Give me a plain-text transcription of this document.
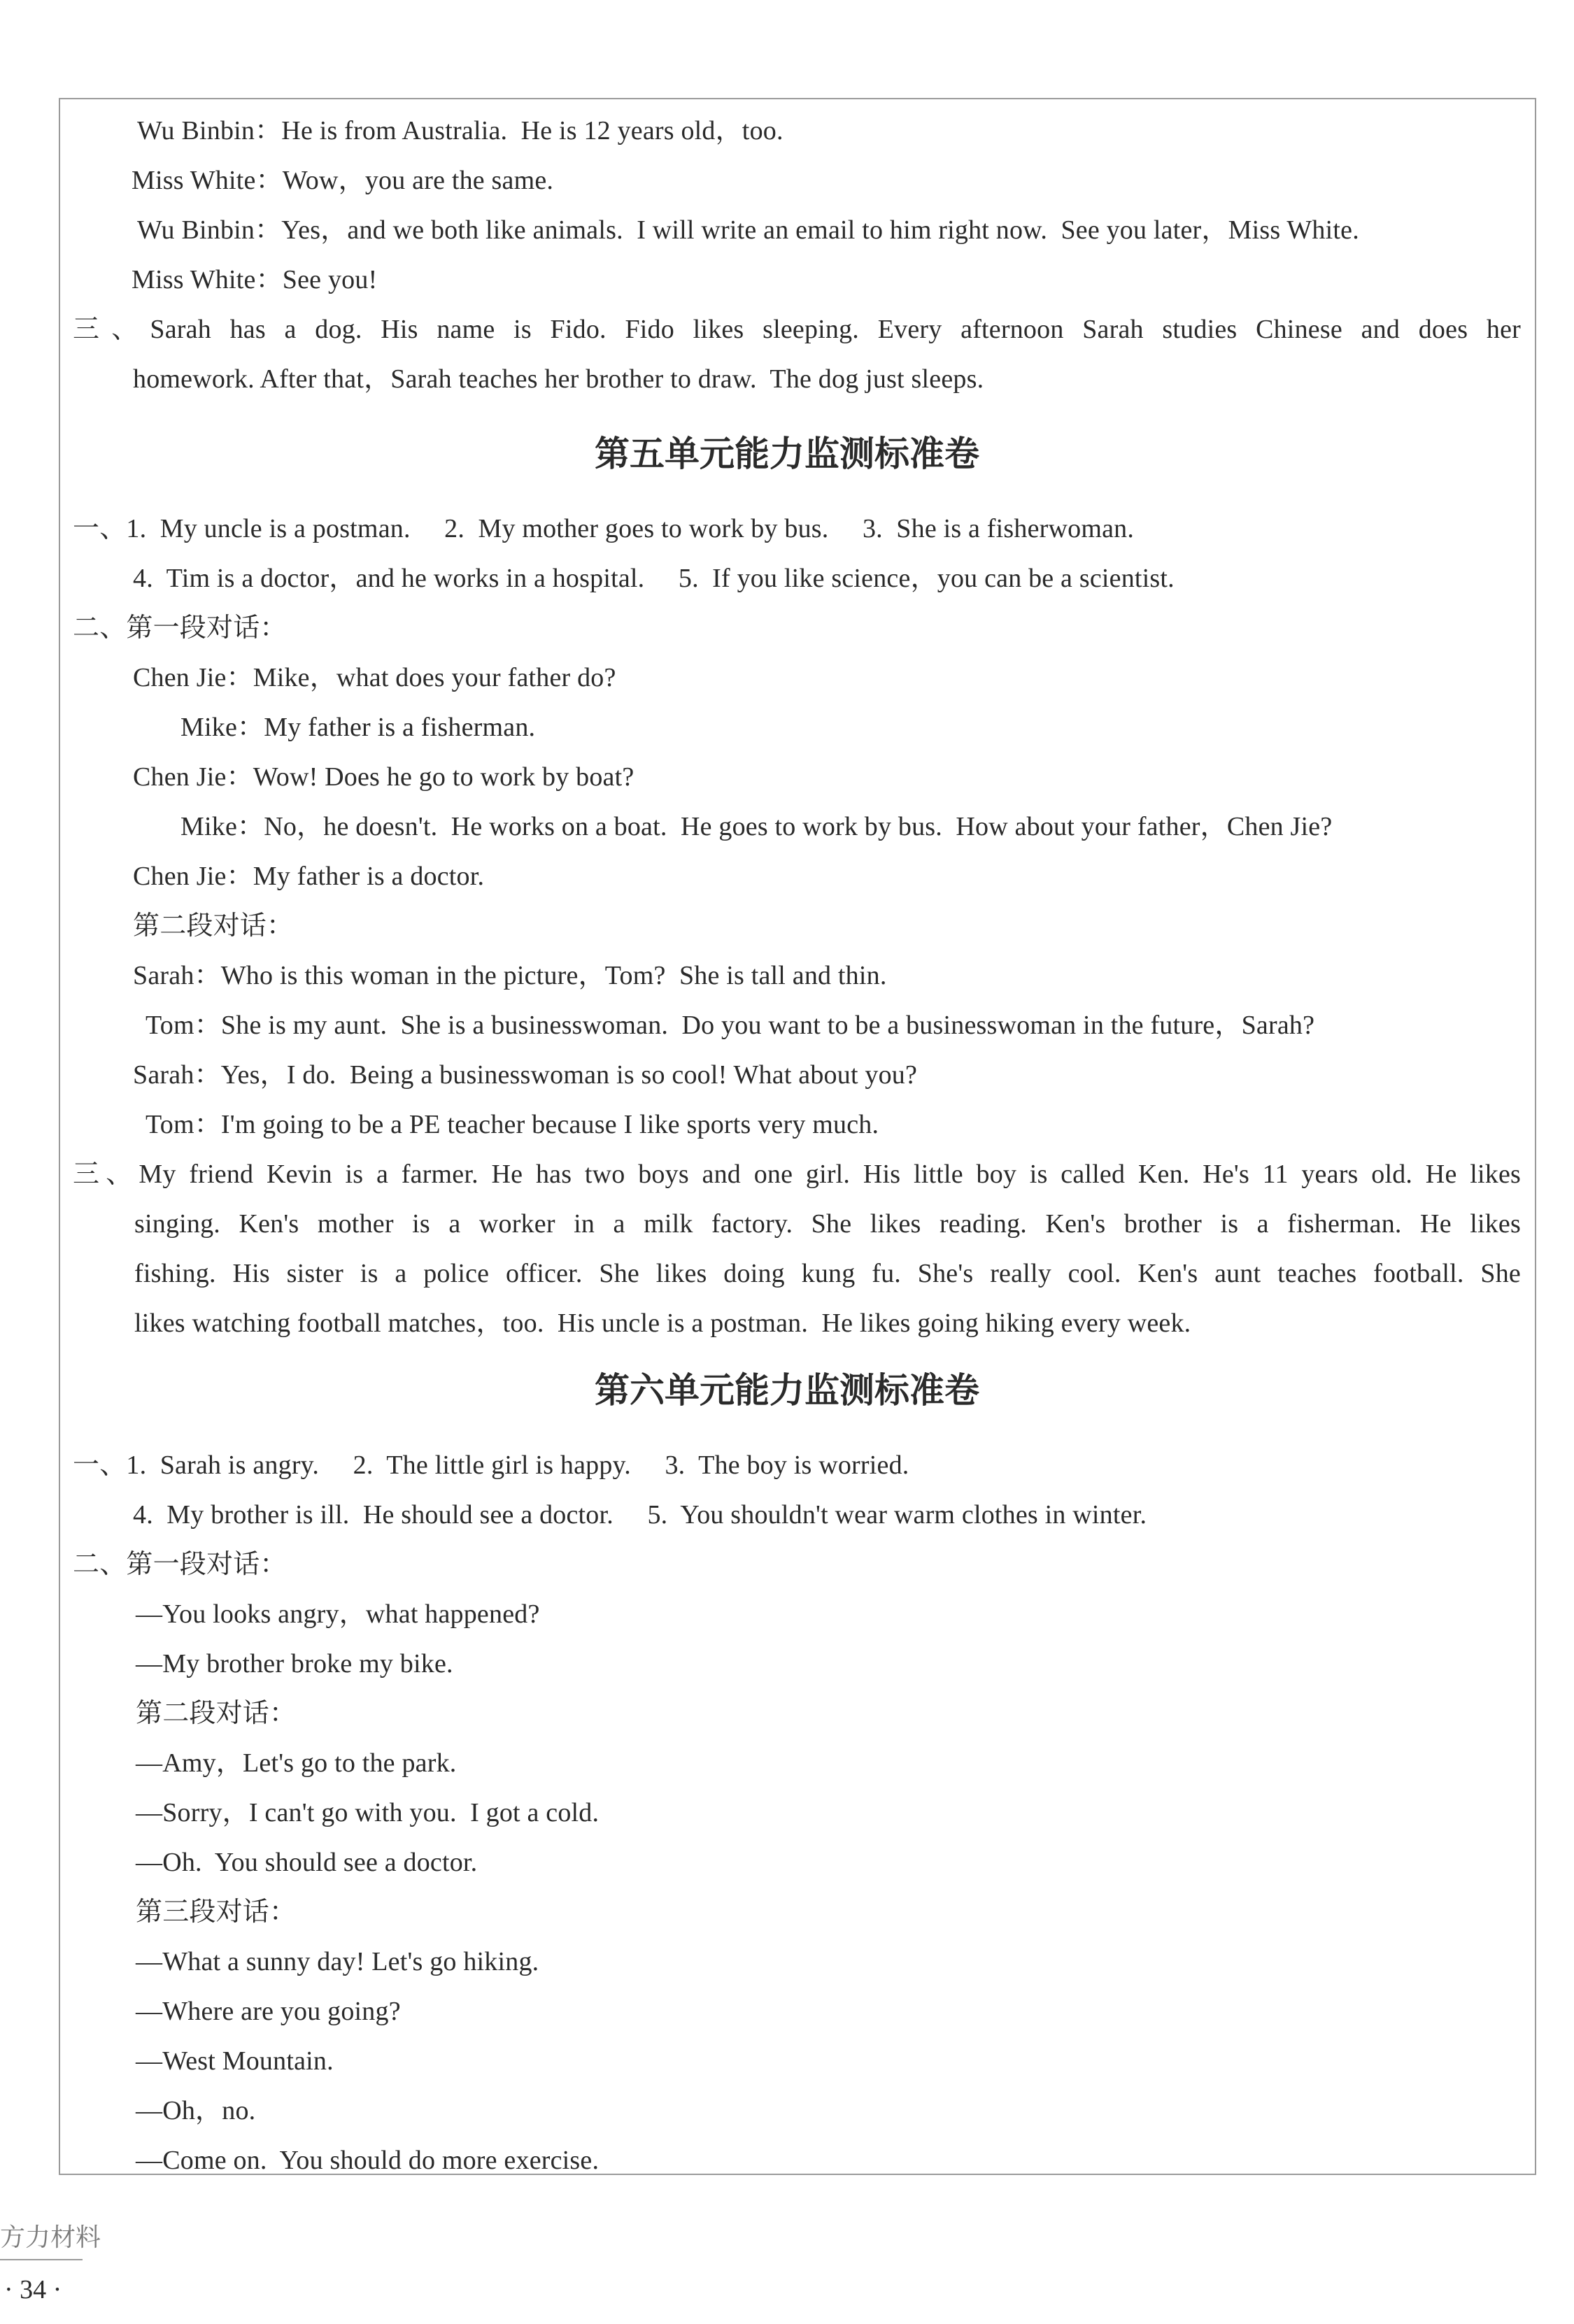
Wu Binbin：He is from Australia.  He is 12 years old，too.
Miss White：Wow，you are the same.
Wu Binbin：Yes，and we both like animals.  I will write an email to him right now.  See you later，Miss White.
Miss White：See you!
三、Sarah has a dog. His name is Fido. Fido likes sleeping. Every afternoon Sarah studies Chinese and does her
homework. After that，Sarah teaches her brother to draw.  The dog just sleeps.
第五单元能力监测标准卷
一、1.  My uncle is a postman.     2.  My mother goes to work by bus.     3.  She is a fisherwoman.
4.  Tim is a doctor，and he works in a hospital.     5.  If you like science，you can be a scientist.
二、第一段对话：
Chen Jie：Mike，what does your father do?
Mike：My father is a fisherman.
Chen Jie：Wow! Does he go to work by boat?
Mike：No，he doesn't.  He works on a boat.  He goes to work by bus.  How about your father，Chen Jie?
Chen Jie：My father is a doctor.
第二段对话：
Sarah：Who is this woman in the picture，Tom?  She is tall and thin.
Tom：She is my aunt.  She is a businesswoman.  Do you want to be a businesswoman in the future，Sarah?
Sarah：Yes，I do.  Being a businesswoman is so cool! What about you?
Tom：I'm going to be a PE teacher because I like sports very much.
三、My friend Kevin is a farmer. He has two boys and one girl. His little boy is called Ken. He's 11 years old. He likes
singing. Ken's mother is a worker in a milk factory. She likes reading. Ken's brother is a fisherman. He likes
fishing. His sister is a police officer. She likes doing kung fu. She's really cool. Ken's aunt teaches football. She
likes watching football matches，too.  His uncle is a postman.  He likes going hiking every week.
第六单元能力监测标准卷
一、1.  Sarah is angry.     2.  The little girl is happy.     3.  The boy is worried.
4.  My brother is ill.  He should see a doctor.     5.  You shouldn't wear warm clothes in winter.
二、第一段对话：
—You looks angry，what happened?
—My brother broke my bike.
第二段对话：
—Amy，Let's go to the park.
—Sorry，I can't go with you.  I got a cold.
—Oh.  You should see a doctor.
第三段对话：
—What a sunny day! Let's go hiking.
—Where are you going?
—West Mountain.
—Oh，no.
—Come on.  You should do more exercise.
方力材料
· 34 ·
